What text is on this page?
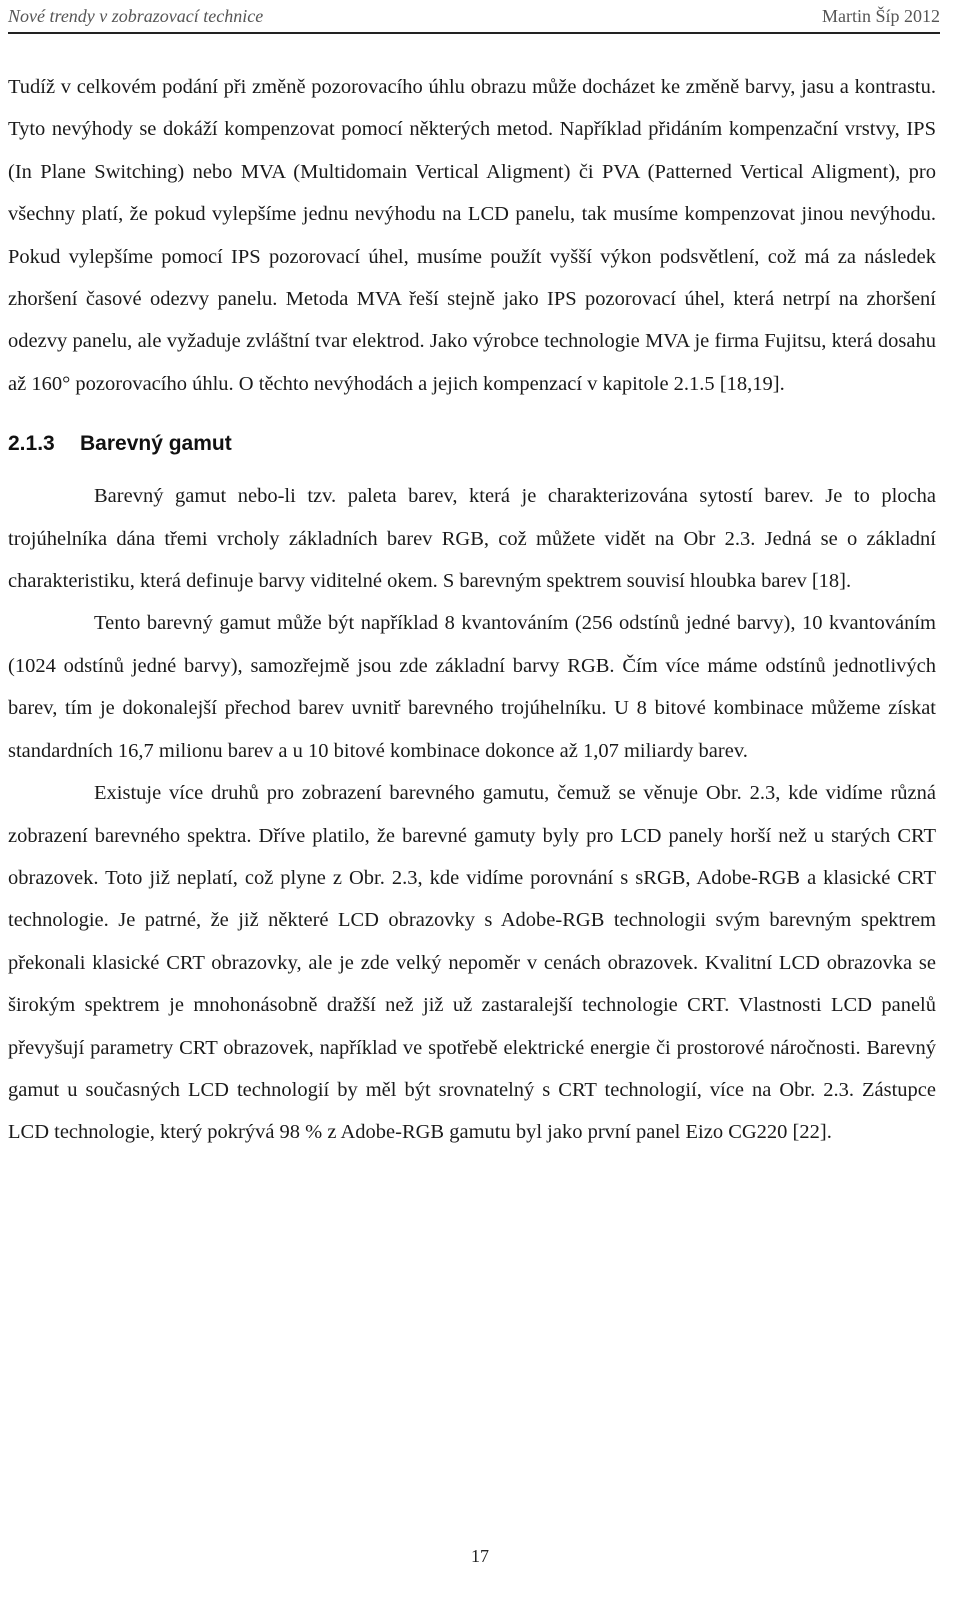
Nové trendy v zobrazovací technice	Martin Šíp 2012

Tudíž v celkovém podání při změně pozorovacího úhlu obrazu může docházet ke změně barvy, jasu a kontrastu. Tyto nevýhody se dokáží kompenzovat pomocí některých metod. Například přidáním kompenzační vrstvy, IPS (In Plane Switching) nebo MVA (Multidomain Vertical Aligment) či PVA (Patterned Vertical Aligment), pro všechny platí, že pokud vylepšíme jednu nevýhodu na LCD panelu, tak musíme kompenzovat jinou nevýhodu. Pokud vylepšíme pomocí IPS pozorovací úhel, musíme použít vyšší výkon podsvětlení, což má za následek zhoršení časové odezvy panelu. Metoda MVA řeší stejně jako IPS pozorovací úhel, která netrpí na zhoršení odezvy panelu, ale vyžaduje zvláštní tvar elektrod. Jako výrobce technologie MVA je firma Fujitsu, která dosahu až 160° pozorovacího úhlu. O těchto nevýhodách a jejich kompenzací v kapitole 2.1.5 [18,19].

2.1.3 Barevný gamut

Barevný gamut nebo-li tzv. paleta barev, která je charakterizována sytostí barev. Je to plocha trojúhelníka dána třemi vrcholy základních barev RGB, což můžete vidět na Obr 2.3. Jedná se o základní charakteristiku, která definuje barvy viditelné okem. S barevným spektrem souvisí hloubka barev [18].

Tento barevný gamut může být například 8 kvantováním (256 odstínů jedné barvy), 10 kvantováním (1024 odstínů jedné barvy), samozřejmě jsou zde základní barvy RGB. Čím více máme odstínů jednotlivých barev, tím je dokonalejší přechod barev uvnitř barevného trojúhelníku. U 8 bitové kombinace můžeme získat standardních 16,7 milionu barev a u 10 bitové kombinace dokonce až 1,07 miliardy barev.

Existuje více druhů pro zobrazení barevného gamutu, čemuž se věnuje Obr. 2.3, kde vidíme různá zobrazení barevného spektra. Dříve platilo, že barevné gamuty byly pro LCD panely horší než u starých CRT obrazovek. Toto již neplatí, což plyne z Obr. 2.3, kde vidíme porovnání s sRGB, Adobe-RGB a klasické CRT technologie. Je patrné, že již některé LCD obrazovky s Adobe-RGB technologii svým barevným spektrem překonali klasické CRT obrazovky, ale je zde velký nepoměr v cenách obrazovek. Kvalitní LCD obrazovka se širokým spektrem je mnohonásobně dražší než již už zastaralejší technologie CRT. Vlastnosti LCD panelů převyšují parametry CRT obrazovek, například ve spotřebě elektrické energie či prostorové náročnosti. Barevný gamut u současných LCD technologií by měl být srovnatelný s CRT technologií, více na Obr. 2.3. Zástupce LCD technologie, který pokrývá 98 % z Adobe-RGB gamutu byl jako první panel Eizo CG220 [22].

17
